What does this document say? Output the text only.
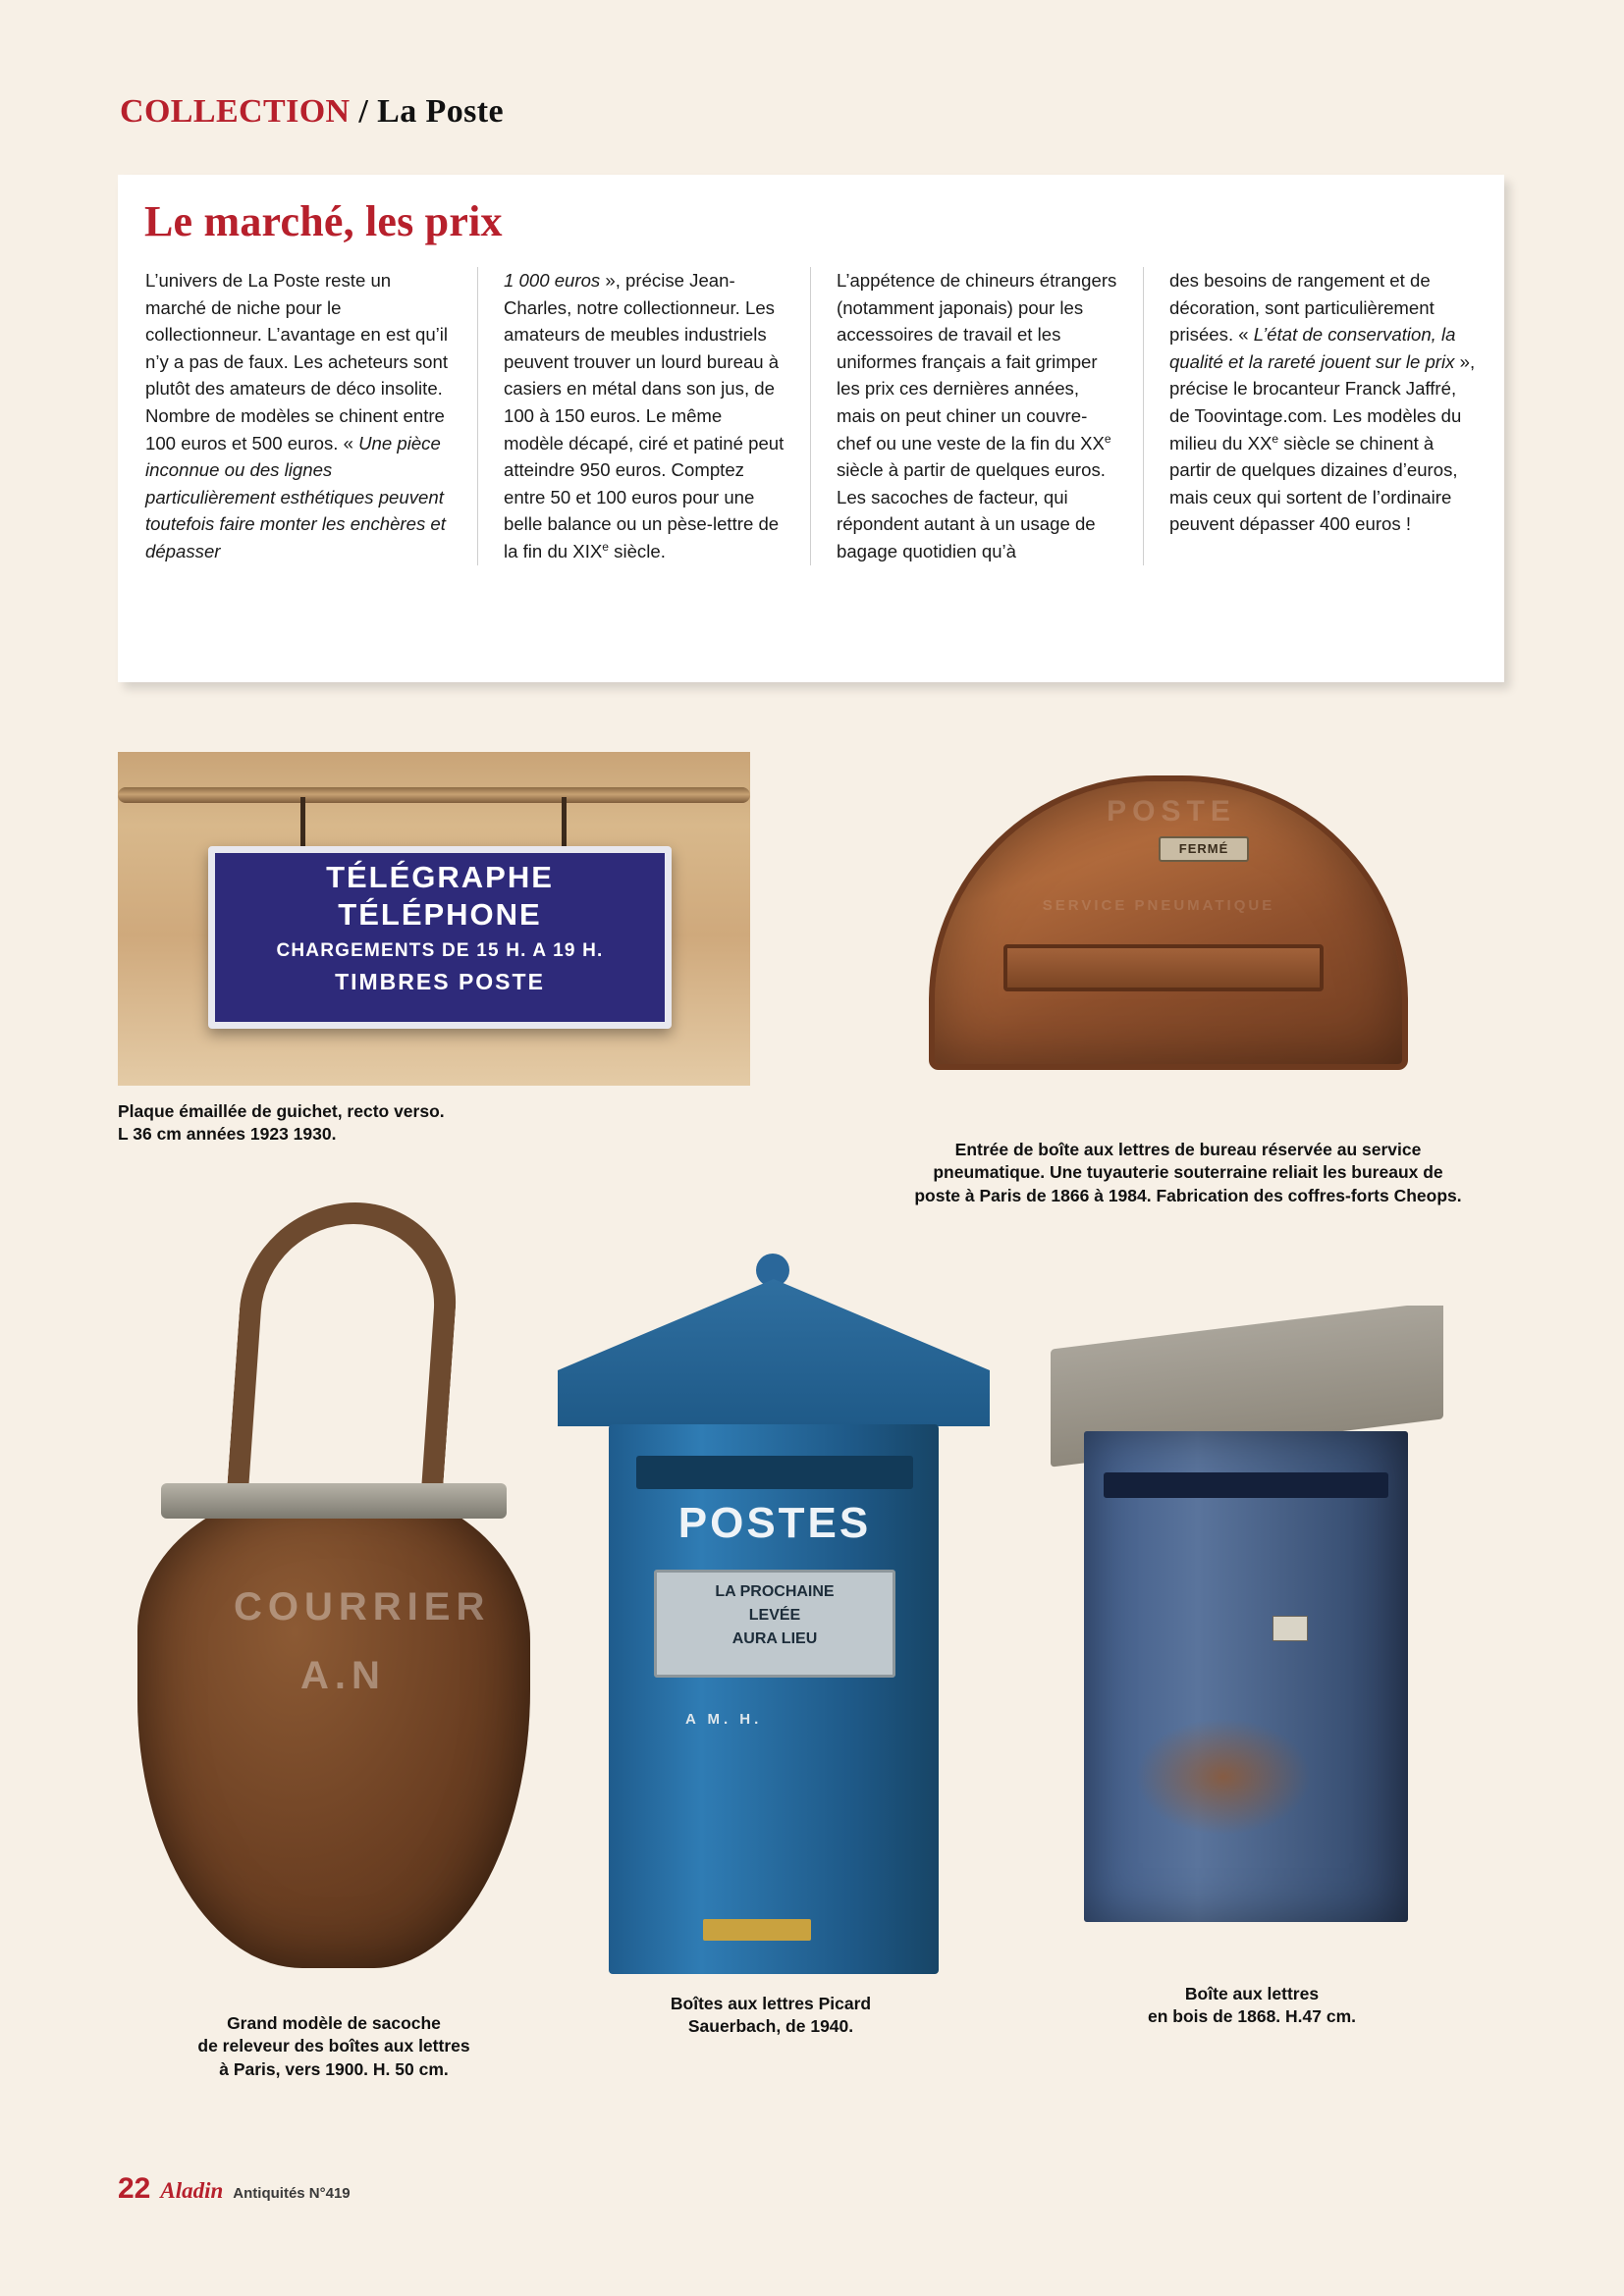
COLLECTION / La Poste
Le marché, les prix

L’univers de La Poste reste un marché de niche pour le collectionneur. L’avantage en est qu’il n’y a pas de faux. Les acheteurs sont plutôt des amateurs de déco insolite. Nombre de modèles se chinent entre 100 euros et 500 euros. « Une pièce inconnue ou des lignes particulièrement esthétiques peuvent toutefois faire monter les enchères et dépasser

1 000 euros », précise Jean-Charles, notre collectionneur. Les amateurs de meubles industriels peuvent trouver un lourd bureau à casiers en métal dans son jus, de 100 à 150 euros. Le même modèle décapé, ciré et patiné peut atteindre 950 euros. Comptez entre 50 et 100 euros pour une belle balance ou un pèse-lettre de la fin du XIXe siècle.

L’appétence de chineurs étrangers (notamment japonais) pour les accessoires de travail et les uniformes français a fait grimper les prix ces dernières années, mais on peut chiner un couvre-chef ou une veste de la fin du XXe siècle à partir de quelques euros. Les sacoches de facteur, qui répondent autant à un usage de bagage quotidien qu’à

des besoins de rangement et de décoration, sont particulièrement prisées. « L’état de conservation, la qualité et la rareté jouent sur le prix », précise le brocanteur Franck Jaffré, de Toovintage.com. Les modèles du milieu du XXe siècle se chinent à partir de quelques dizaines d’euros, mais ceux qui sortent de l’ordinaire peuvent dépasser 400 euros !

TÉLÉGRAPHE
TÉLÉPHONE
CHARGEMENTS DE 15 H. A 19 H.
TIMBRES POSTE
Plaque émaillée de guichet, recto verso.
L 36 cm années 1923 1930.
POSTE
FERMÉ
SERVICE PNEUMATIQUE
Entrée de boîte aux lettres de bureau réservée au service pneumatique. Une tuyauterie souterraine reliait les bureaux de poste à Paris de 1866 à 1984. Fabrication des coffres-forts Cheops.
COURRIER
A.N
Grand modèle de sacoche
de releveur des boîtes aux lettres
à Paris, vers 1900. H. 50 cm.
POSTES
LA PROCHAINE
LEVÉE
AURA LIEU
A M. H.
Boîtes aux lettres Picard
Sauerbach, de 1940.
Boîte aux lettres
en bois de 1868. H.47 cm.
22 Aladin Antiquités N°419
